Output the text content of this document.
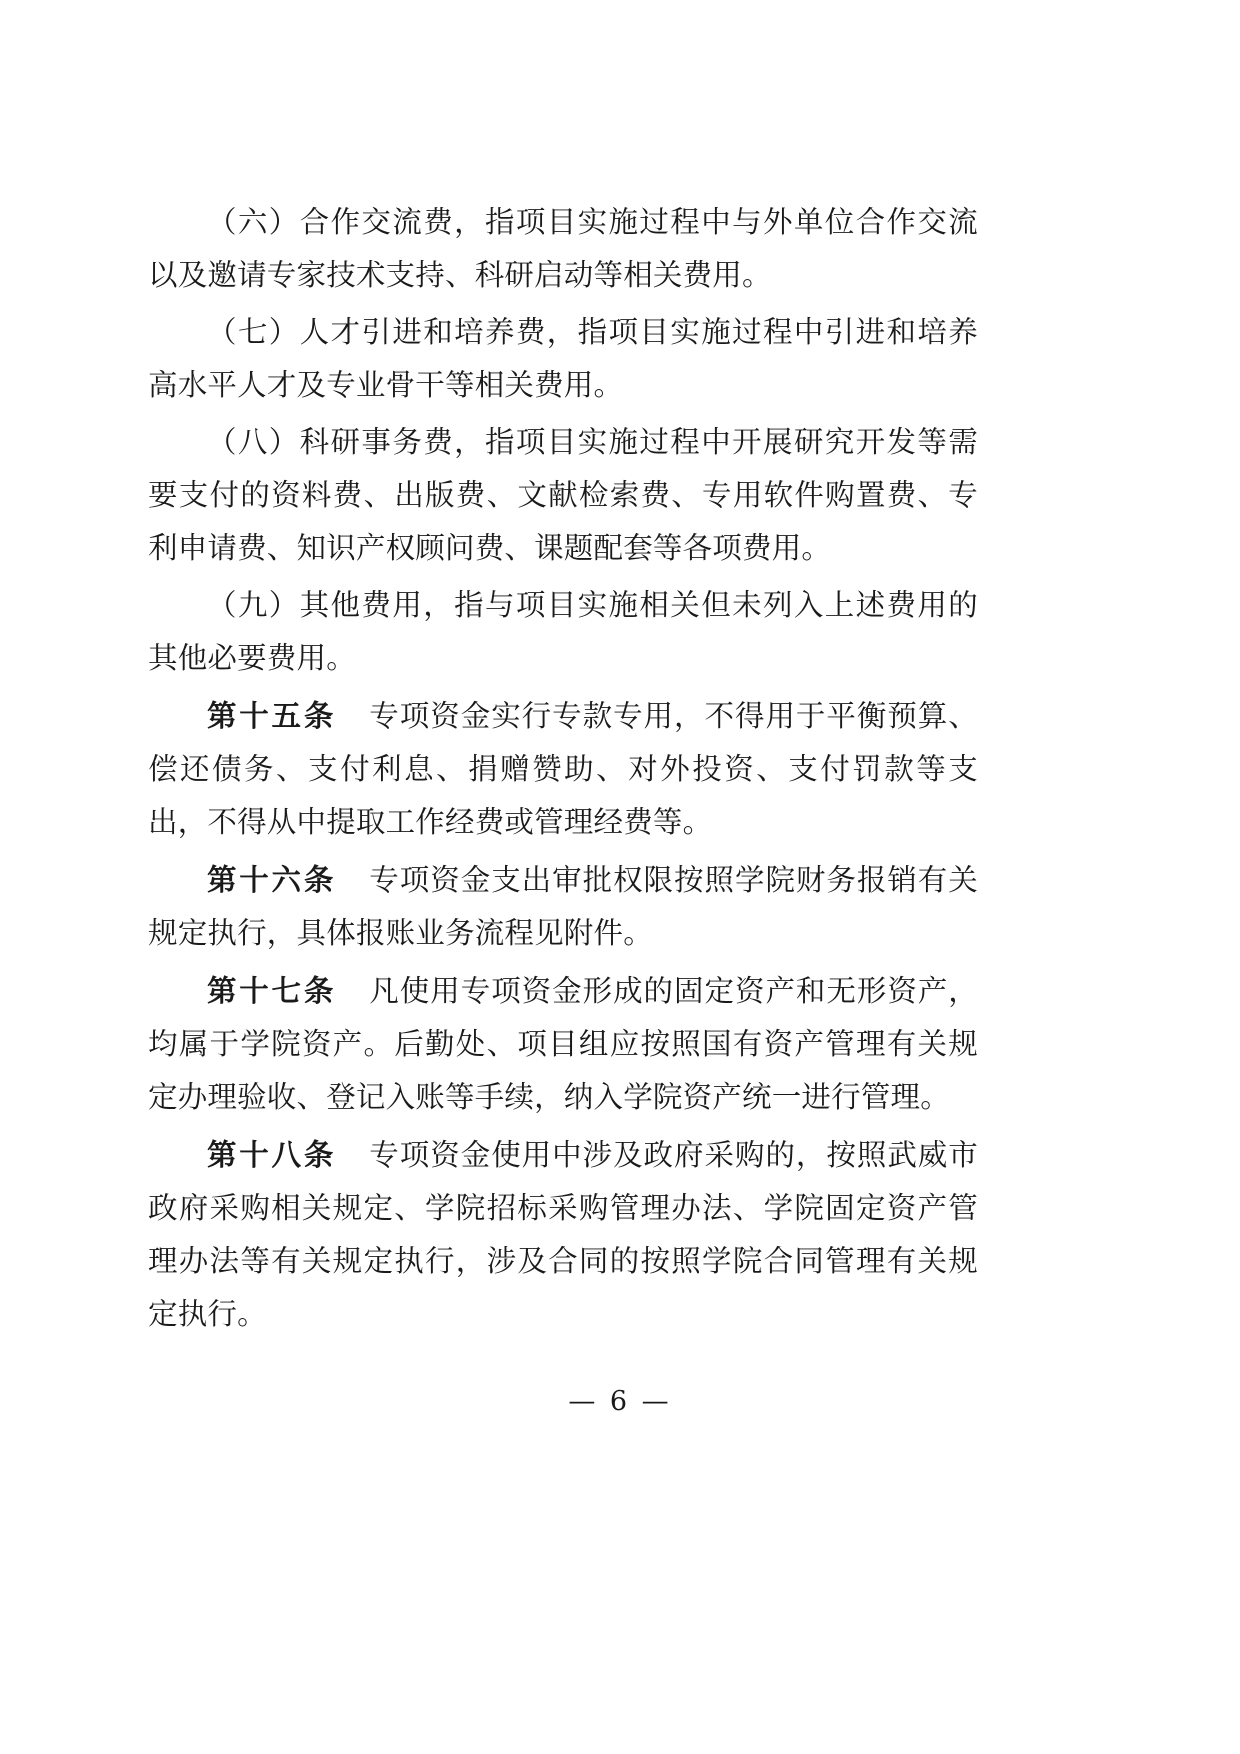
（六）合作交流费，指项目实施过程中与外单位合作交流以及邀请专家技术支持、科研启动等相关费用。

（七）人才引进和培养费，指项目实施过程中引进和培养高水平人才及专业骨干等相关费用。

（八）科研事务费，指项目实施过程中开展研究开发等需要支付的资料费、出版费、文献检索费、专用软件购置费、专利申请费、知识产权顾问费、课题配套等各项费用。

（九）其他费用，指与项目实施相关但未列入上述费用的其他必要费用。

第十五条 专项资金实行专款专用，不得用于平衡预算、偿还债务、支付利息、捐赠赞助、对外投资、支付罚款等支出，不得从中提取工作经费或管理经费等。

第十六条 专项资金支出审批权限按照学院财务报销有关规定执行，具体报账业务流程见附件。

第十七条 凡使用专项资金形成的固定资产和无形资产，均属于学院资产。后勤处、项目组应按照国有资产管理有关规定办理验收、登记入账等手续，纳入学院资产统一进行管理。

第十八条 专项资金使用中涉及政府采购的，按照武威市政府采购相关规定、学院招标采购管理办法、学院固定资产管理办法等有关规定执行，涉及合同的按照学院合同管理有关规定执行。

— 6 —
